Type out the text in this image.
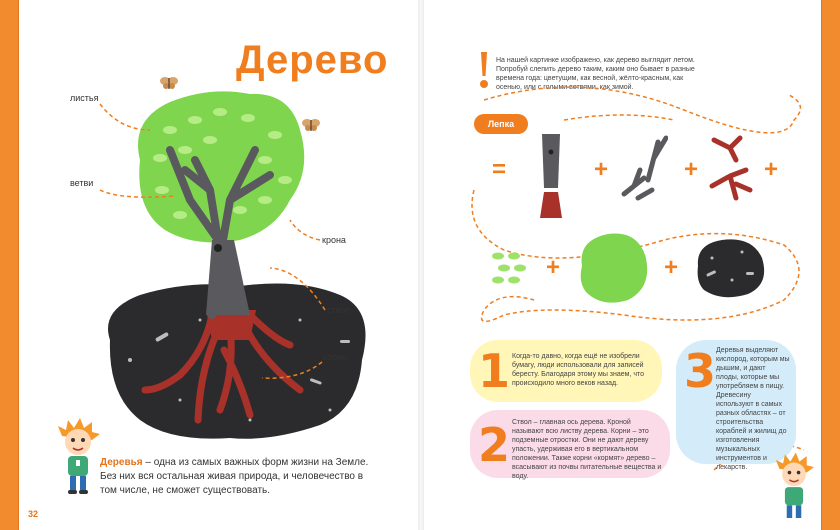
Дерево
листья
ветви
крона
ствол
корни
Деревья – одна из самых важных форм жизни на Земле. Без них вся остальная живая природа, и человечество в том числе, не сможет существовать.
32
На нашей картинке изображено, как дерево выглядит летом. Попробуй слепить дерево таким, каким оно бывает в разные времена года: цветущим, как весной, жёлто-красным, как осенью, или с голыми ветвями, как зимой.
Лепка
=	+	+	+
+	+
1 Когда-то давно, когда ещё не изобрели бумагу, люди использовали для записей бересту. Благодаря этому мы знаем, что происходило много веков назад.
2 Ствол – главная ось дерева. Кроной называют всю листву дерева. Корни – это подземные отростки. Они не дают дереву упасть, удерживая его в вертикальном положении. Также корни «кормят» дерево – всасывают из почвы питательные вещества и воду.
3 Деревья выделяют кислород, которым мы дышим, и дают плоды, которые мы употребляем в пищу. Древесину используют в самых разных областях – от строительства кораблей и жилищ до изготовления музыкальных инструментов и лекарств.
